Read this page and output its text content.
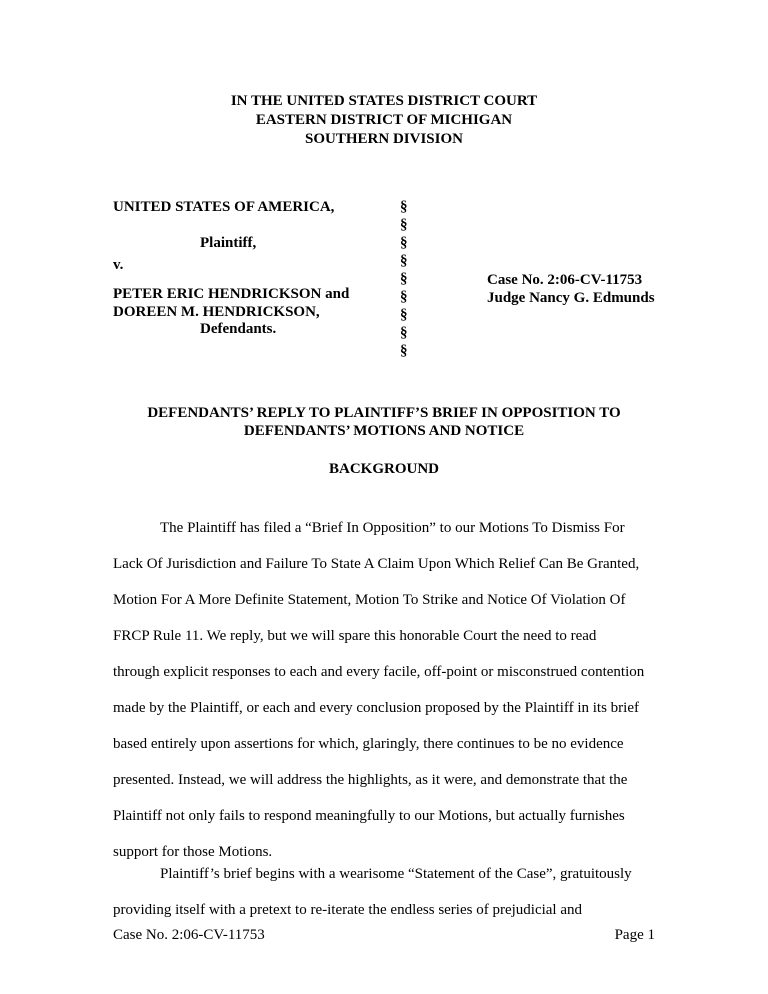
IN THE UNITED STATES DISTRICT COURT
EASTERN DISTRICT OF MICHIGAN
SOUTHERN DIVISION
UNITED STATES OF AMERICA,
Plaintiff,
v.
PETER ERIC HENDRICKSON and
DOREEN M. HENDRICKSON,
Defendants.
§
§
§
§
§
§
§
§
§
Case No. 2:06-CV-11753
Judge Nancy G. Edmunds
DEFENDANTS’ REPLY TO PLAINTIFF’S BRIEF IN OPPOSITION TO
DEFENDANTS’ MOTIONS AND NOTICE
BACKGROUND
The Plaintiff has filed a “Brief In Opposition” to our Motions To Dismiss For
Lack Of Jurisdiction and Failure To State A Claim Upon Which Relief Can Be Granted,
Motion For A More Definite Statement, Motion To Strike and Notice Of Violation Of
FRCP Rule 11. We reply, but we will spare this honorable Court the need to read
through explicit responses to each and every facile, off-point or misconstrued contention
made by the Plaintiff, or each and every conclusion proposed by the Plaintiff in its brief
based entirely upon assertions for which, glaringly, there continues to be no evidence
presented. Instead, we will address the highlights, as it were, and demonstrate that the
Plaintiff not only fails to respond meaningfully to our Motions, but actually furnishes
support for those Motions.
Plaintiff’s brief begins with a wearisome “Statement of the Case”, gratuitously
providing itself with a pretext to re-iterate the endless series of prejudicial and
Case No. 2:06-CV-11753	Page 1
